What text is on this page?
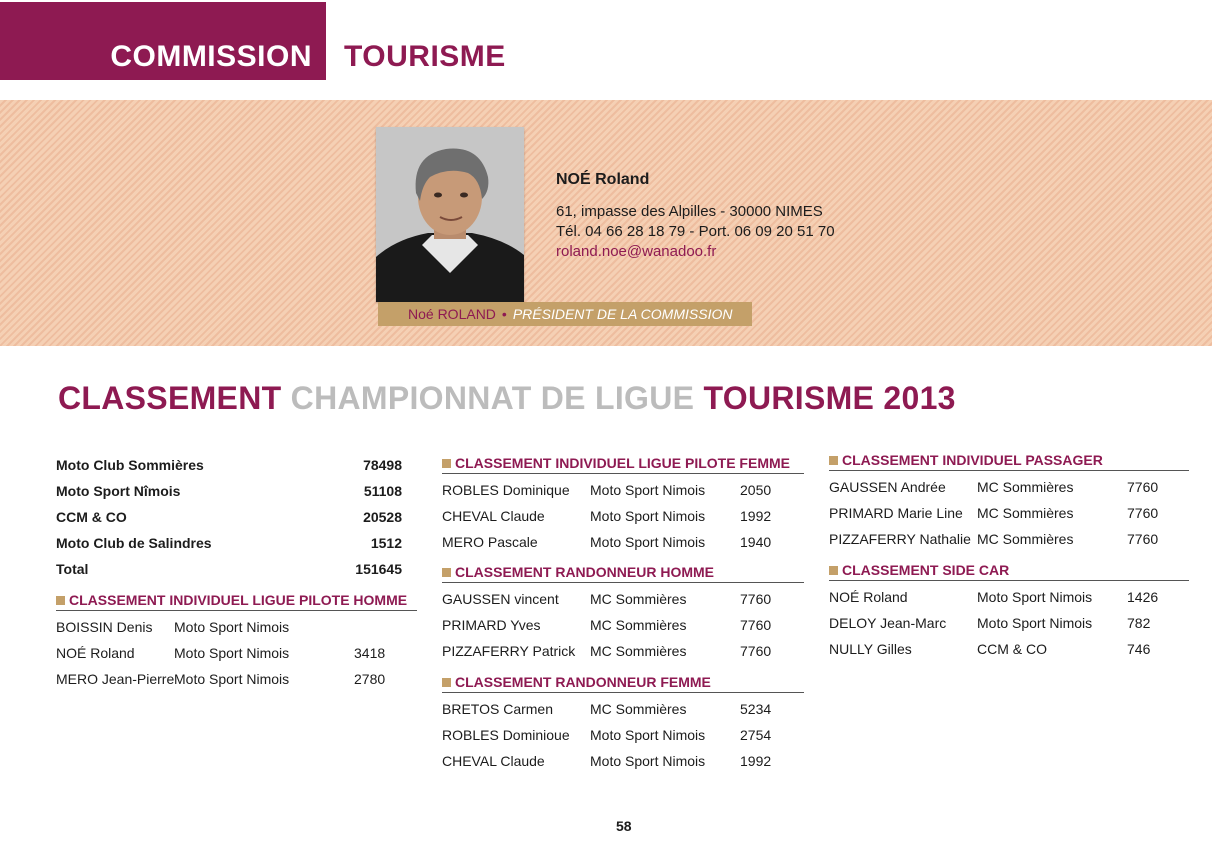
COMMISSION TOURISME
Noé ROLAND • PRÉSIDENT DE LA COMMISSION
NOÉ Roland
61, impasse des Alpilles - 30000 NIMES
Tél. 04 66 28 18 79 - Port. 06 09 20 51 70
roland.noe@wanadoo.fr
CLASSEMENT CHAMPIONNAT DE LIGUE TOURISME 2013
Moto Club Sommières	78498
Moto Sport Nîmois	51108
CCM & CO	20528
Moto Club de Salindres	1512
Total	151645
CLASSEMENT INDIVIDUEL LIGUE PILOTE HOMME
BOISSIN Denis	Moto Sport Nimois
NOÉ Roland	Moto Sport Nimois	3418
MERO Jean-Pierre Moto Sport Nimois	2780
CLASSEMENT INDIVIDUEL LIGUE PILOTE FEMME
ROBLES Dominique	Moto Sport Nimois	2050
CHEVAL Claude	Moto Sport Nimois	1992
MERO Pascale	Moto Sport Nimois	1940
CLASSEMENT RANDONNEUR HOMME
GAUSSEN vincent	MC Sommières	7760
PRIMARD Yves	MC Sommières	7760
PIZZAFERRY Patrick	MC Sommières	7760
CLASSEMENT RANDONNEUR FEMME
BRETOS Carmen	MC Sommières	5234
ROBLES Dominioue	Moto Sport Nimois	2754
CHEVAL Claude	Moto Sport Nimois	1992
CLASSEMENT INDIVIDUEL PASSAGER
GAUSSEN Andrée	MC Sommières	7760
PRIMARD Marie Line	MC Sommières	7760
PIZZAFERRY Nathalie MC Sommières	7760
CLASSEMENT SIDE CAR
NOÉ Roland	Moto Sport Nimois	1426
DELOY Jean-Marc	Moto Sport Nimois	782
NULLY Gilles	CCM & CO	746
58
